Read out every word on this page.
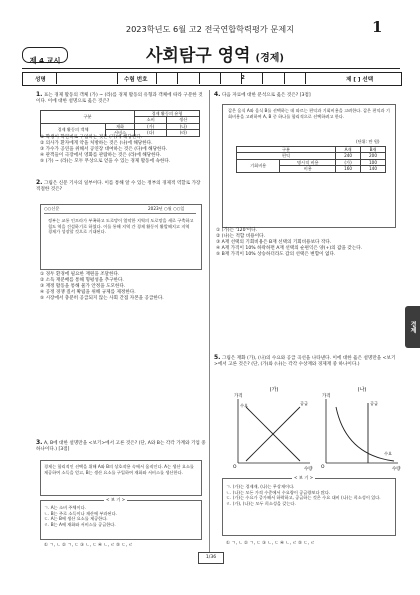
2023학년도 6월 고2 전국연합학력평가 문제지	1
제 4 교시	사회탐구 영역 (경제)
성명	수험 번호	2	제 [ ] 선택
경제
1. 표는 경제 활동의 객체 (가) ~ (라)를 경제 활동의 유형과 객체에 따라 구분한 것이다. 이에 대한 설명으로 옳은 것은?
구분		경제 활동의 유형	
		소비	생산
경제 활동의 객체	재화	(가)	(나)
	서비스	(다)	(라)
① 학생이 학원비로 구입하는 것은 (가)에 해당한다.
② 의사가 환자에게 약을 처방하는 것은 (나)에 해당한다.
③ 가수가 공연을 위해서 공연장 대여하는 것은 (다)에 해당한다.
④ 관객들이 극장에서 영화를 관람하는 것은 (라)에 해당한다.
⑤ (가) ~ (라)는 모두 무상으로 얻을 수 있는 경제 활동에 속한다.
2. 그림은 신문 기사의 일부이다. 이를 통해 알 수 있는 정부의 경제적 역할로 가장 적절한 것은?
○○신문	2023년 ○월 ○○일
정부는 교통 인프라가 부족하고 도로망이 열악한 지역의 도로망을 새로 구축하고 철도 역을 건설하기로 하였다. 이를 통해 지역 간 경제 활동이 활발해지고 지역 경제가 성장할 것으로 기대된다.
① 경두 환경에 필요한 재원을 조달한다.
② 소득 재분배를 통해 형평성을 추구한다.
③ 재정 활동을 통해 물가 안정을 도모한다.
④ 공정 경쟁 질서 확립을 위해 규제를 제정한다.
⑤ 시장에서 충분히 공급되지 않는 사회 간접 자본을 공급한다.
3. A, B에 대한 설명만을 <보기>에서 고른 것은? (단, A와 B는 각각 가계와 기업 중 하나이다.) [3점]
경제는 합리적인 선택을 위해 A와 B의 상호작용 속에서 움직인다. A는 생산 요소를 제공하여 소득을 얻고, B는 생산 요소를 구입하여 재화와 서비스를 생산한다.
< 보 기 >
ㄱ. A는 소비 주체이다.
ㄴ. B는 주로 소득이나 재산에 부과된다.
ㄷ. A는 B에 생산 요소를 제공한다.
ㄹ. B는 A에 재화와 서비스를 공급한다.
① ㄱ, ㄴ ② ㄱ, ㄷ ③ ㄴ, ㄷ ④ ㄴ, ㄹ ⑤ ㄷ, ㄹ
4. 다음 자료에 대한 분석으로 옳은 것은? [3점]
갑은 음식 A와 음식 B를 선택하는 데 따르는 편익과 기회비용을 고려한다. 갑은 편익과 기회비용을 고려하여 A, B 중 하나를 합리적으로 선택하려고 한다.
(단위: 만 원)
구분		A재	B재
편익		240	200
기회비용	명시적 비용	(가)	100
	비용	160	140
① (가)는 '120'이다.
② (나)는 적합 비용이다.
③ A재 선택의 기회비용은 B재 선택의 기회비용보다 작다.
④ A재 가격이 10% 하락하면 A재 선택의 순편익은 양(+)의 값을 갖는다.
⑤ B재 가격이 10% 상승하더라도 갑의 선택은 변함이 없다.
5. 그림은 재화 (가), (나)의 수요와 공급 곡선을 나타낸다. 이에 대한 옳은 설명만을 <보기>에서 고른 것은? (단, (가)와 (나)는 각각 수상재와 경제재 중 하나이다.)
(가)
가격
수요	공급
O	수량
(나)
가격
수요
공급
O	수량
< 보 기 >
ㄱ. (가)는 경제재, (나)는 무상재이다.
ㄴ. (나)는 모든 가격 수준에서 수요량이 공급량보다 많다.
ㄷ. (가)는 수요가 증가해서 하락하고, 공급하는 것은 수요 대비 (나)는 희소성이 있다.
ㄹ. (가), (나)는 모두 희소성을 갖는다.
① ㄱ, ㄴ ② ㄱ, ㄷ ③ ㄴ, ㄷ ④ ㄴ, ㄹ ⑤ ㄷ, ㄹ
1/36
